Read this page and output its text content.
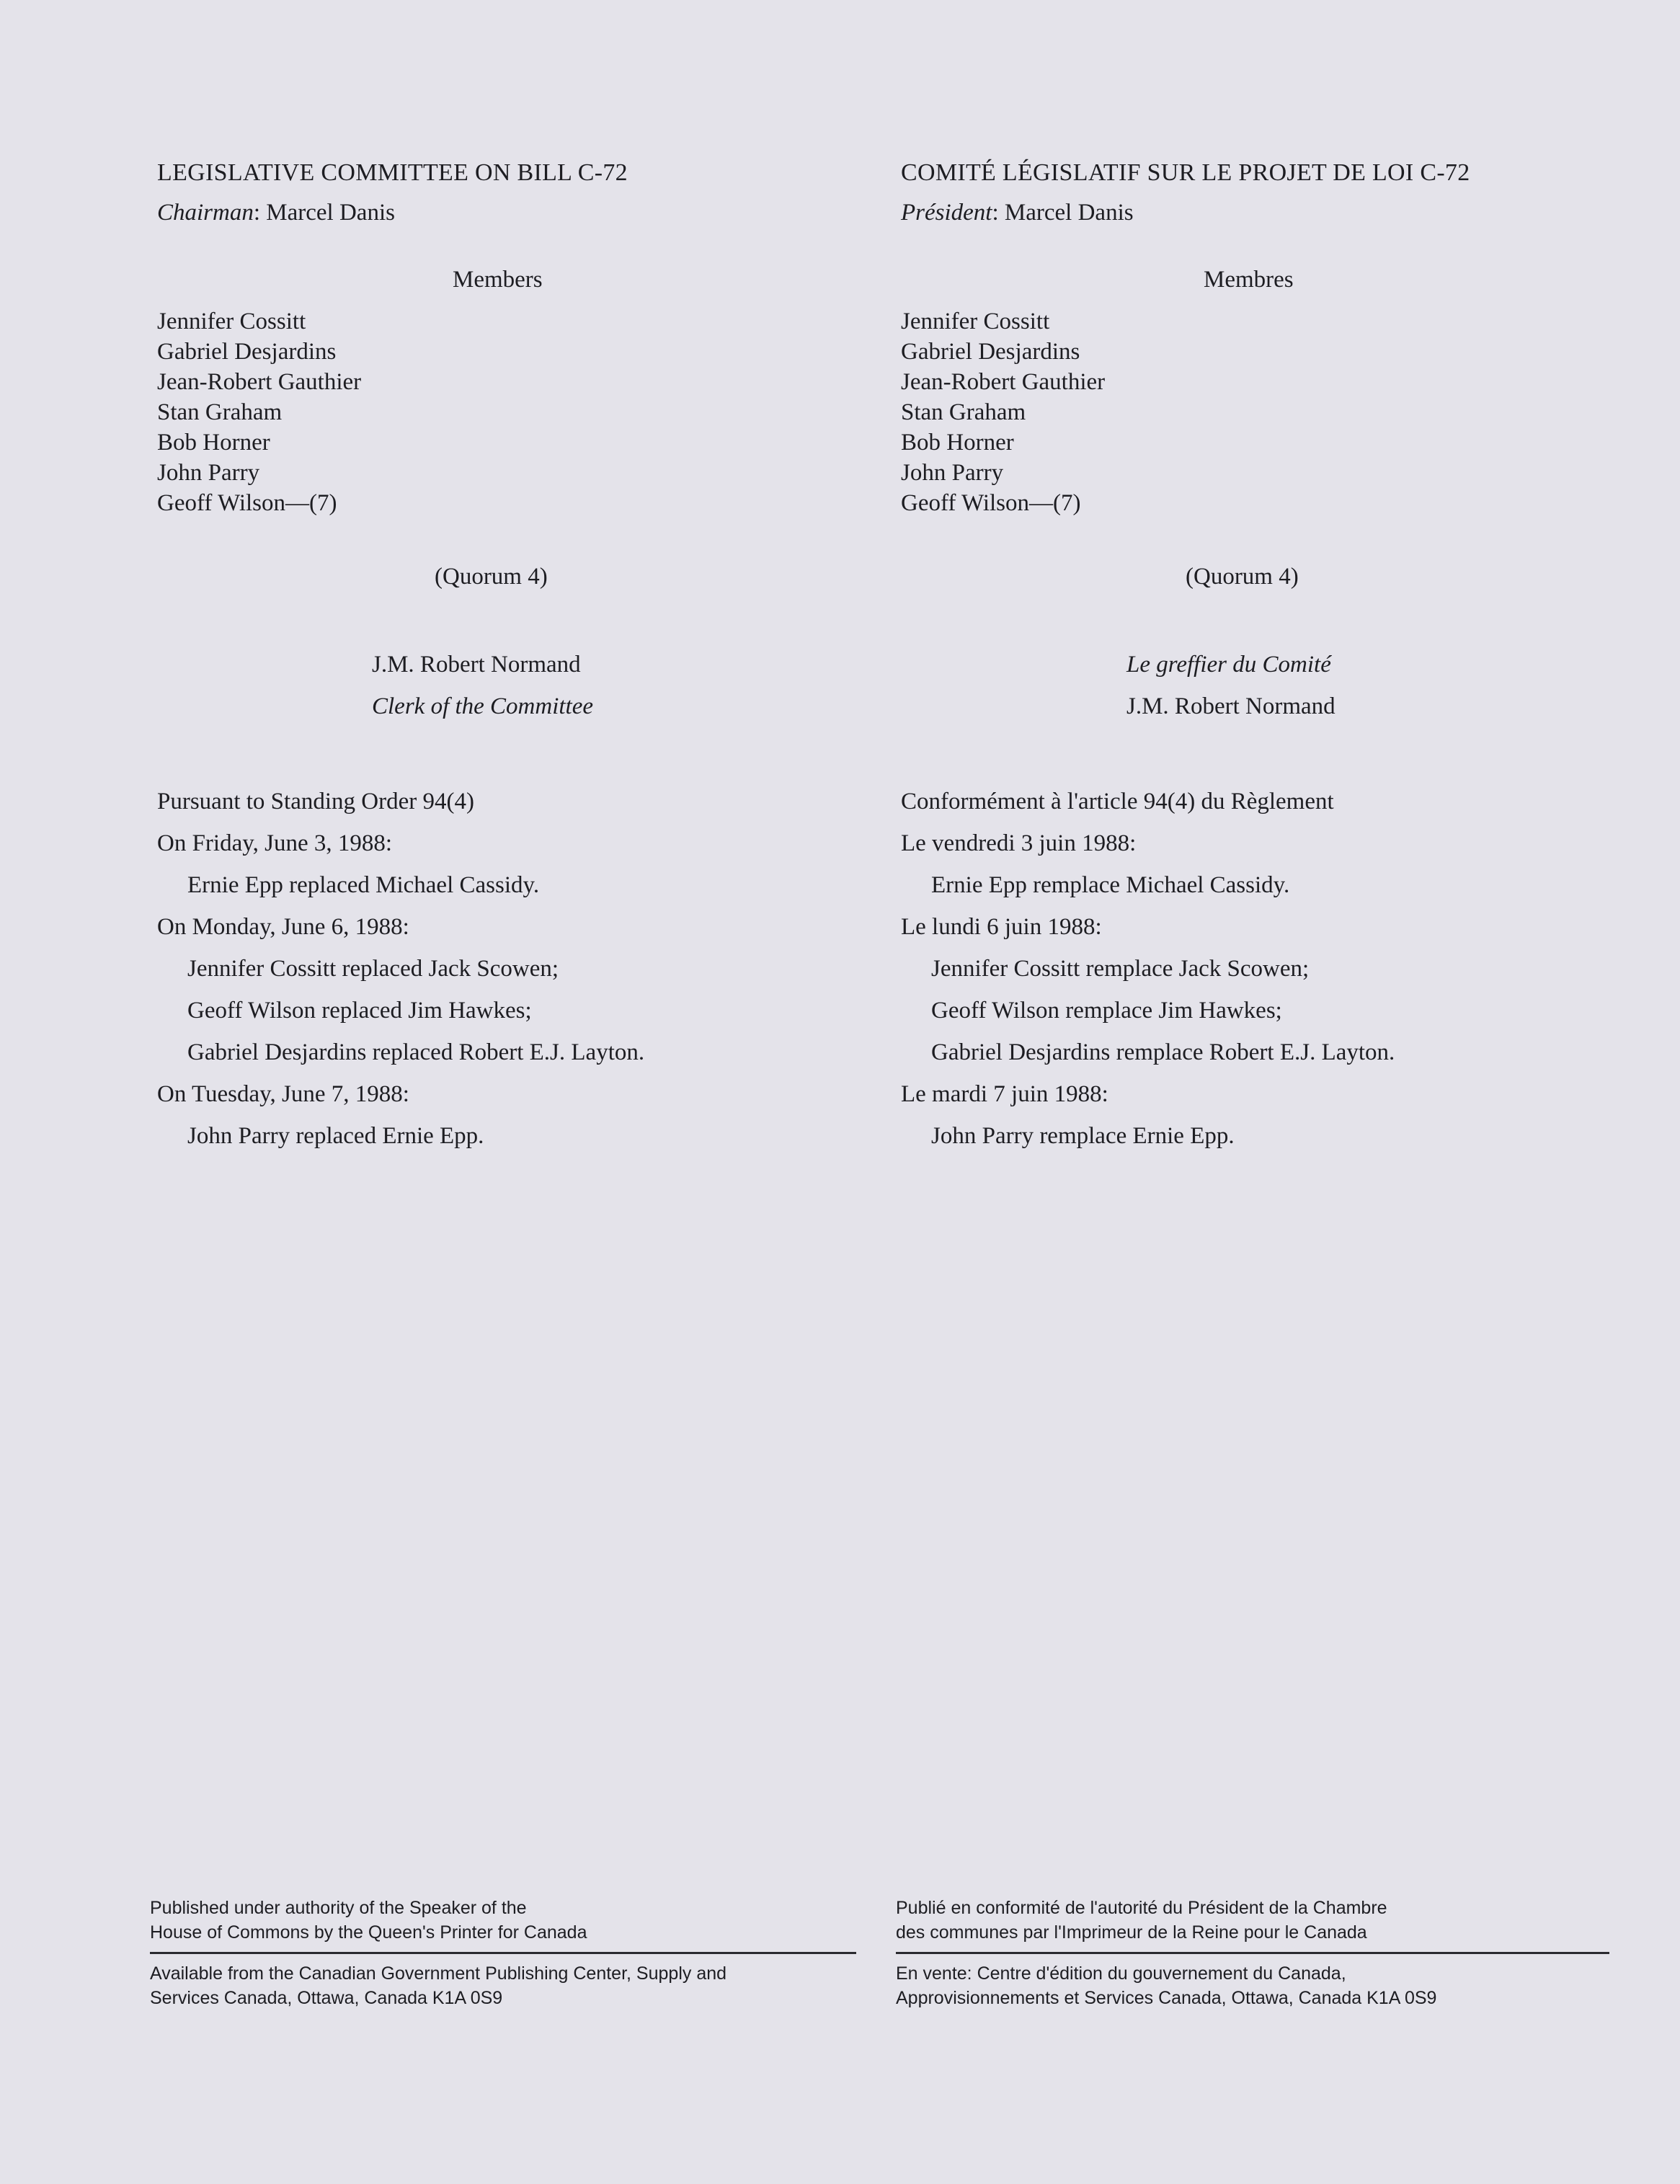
LEGISLATIVE COMMITTEE ON BILL C-72

Chairman: Marcel Danis

Members

Jennifer Cossitt

Gabriel Desjardins

Jean-Robert Gauthier

Stan Graham

Bob Horner

John Parry

Geoff Wilson—(7)

(Quorum 4)

J.M. Robert Normand
Clerk of the Committee

Pursuant to Standing Order 94(4)

On Friday, June 3, 1988:

Ernie Epp replaced Michael Cassidy.

On Monday, June 6, 1988:

Jennifer Cossitt replaced Jack Scowen;

Geoff Wilson replaced Jim Hawkes;

Gabriel Desjardins replaced Robert E.J. Layton.

On Tuesday, June 7, 1988:

John Parry replaced Ernie Epp.

COMITÉ LÉGISLATIF SUR LE PROJET DE LOI C-72

Président: Marcel Danis

Membres

Jennifer Cossitt

Gabriel Desjardins

Jean-Robert Gauthier

Stan Graham

Bob Horner

John Parry

Geoff Wilson—(7)

(Quorum 4)

Le greffier du Comité
J.M. Robert Normand

Conformément à l'article 94(4) du Règlement

Le vendredi 3 juin 1988:

Ernie Epp remplace Michael Cassidy.

Le lundi 6 juin 1988:

Jennifer Cossitt remplace Jack Scowen;

Geoff Wilson remplace Jim Hawkes;

Gabriel Desjardins remplace Robert E.J. Layton.

Le mardi 7 juin 1988:

John Parry remplace Ernie Epp.

Published under authority of the Speaker of the

House of Commons by the Queen's Printer for Canada

Available from the Canadian Government Publishing Center, Supply and

Services Canada, Ottawa, Canada K1A 0S9

Publié en conformité de l'autorité du Président de la Chambre

des communes par l'Imprimeur de la Reine pour le Canada

En vente: Centre d'édition du gouvernement du Canada,

Approvisionnements et Services Canada, Ottawa, Canada K1A 0S9
